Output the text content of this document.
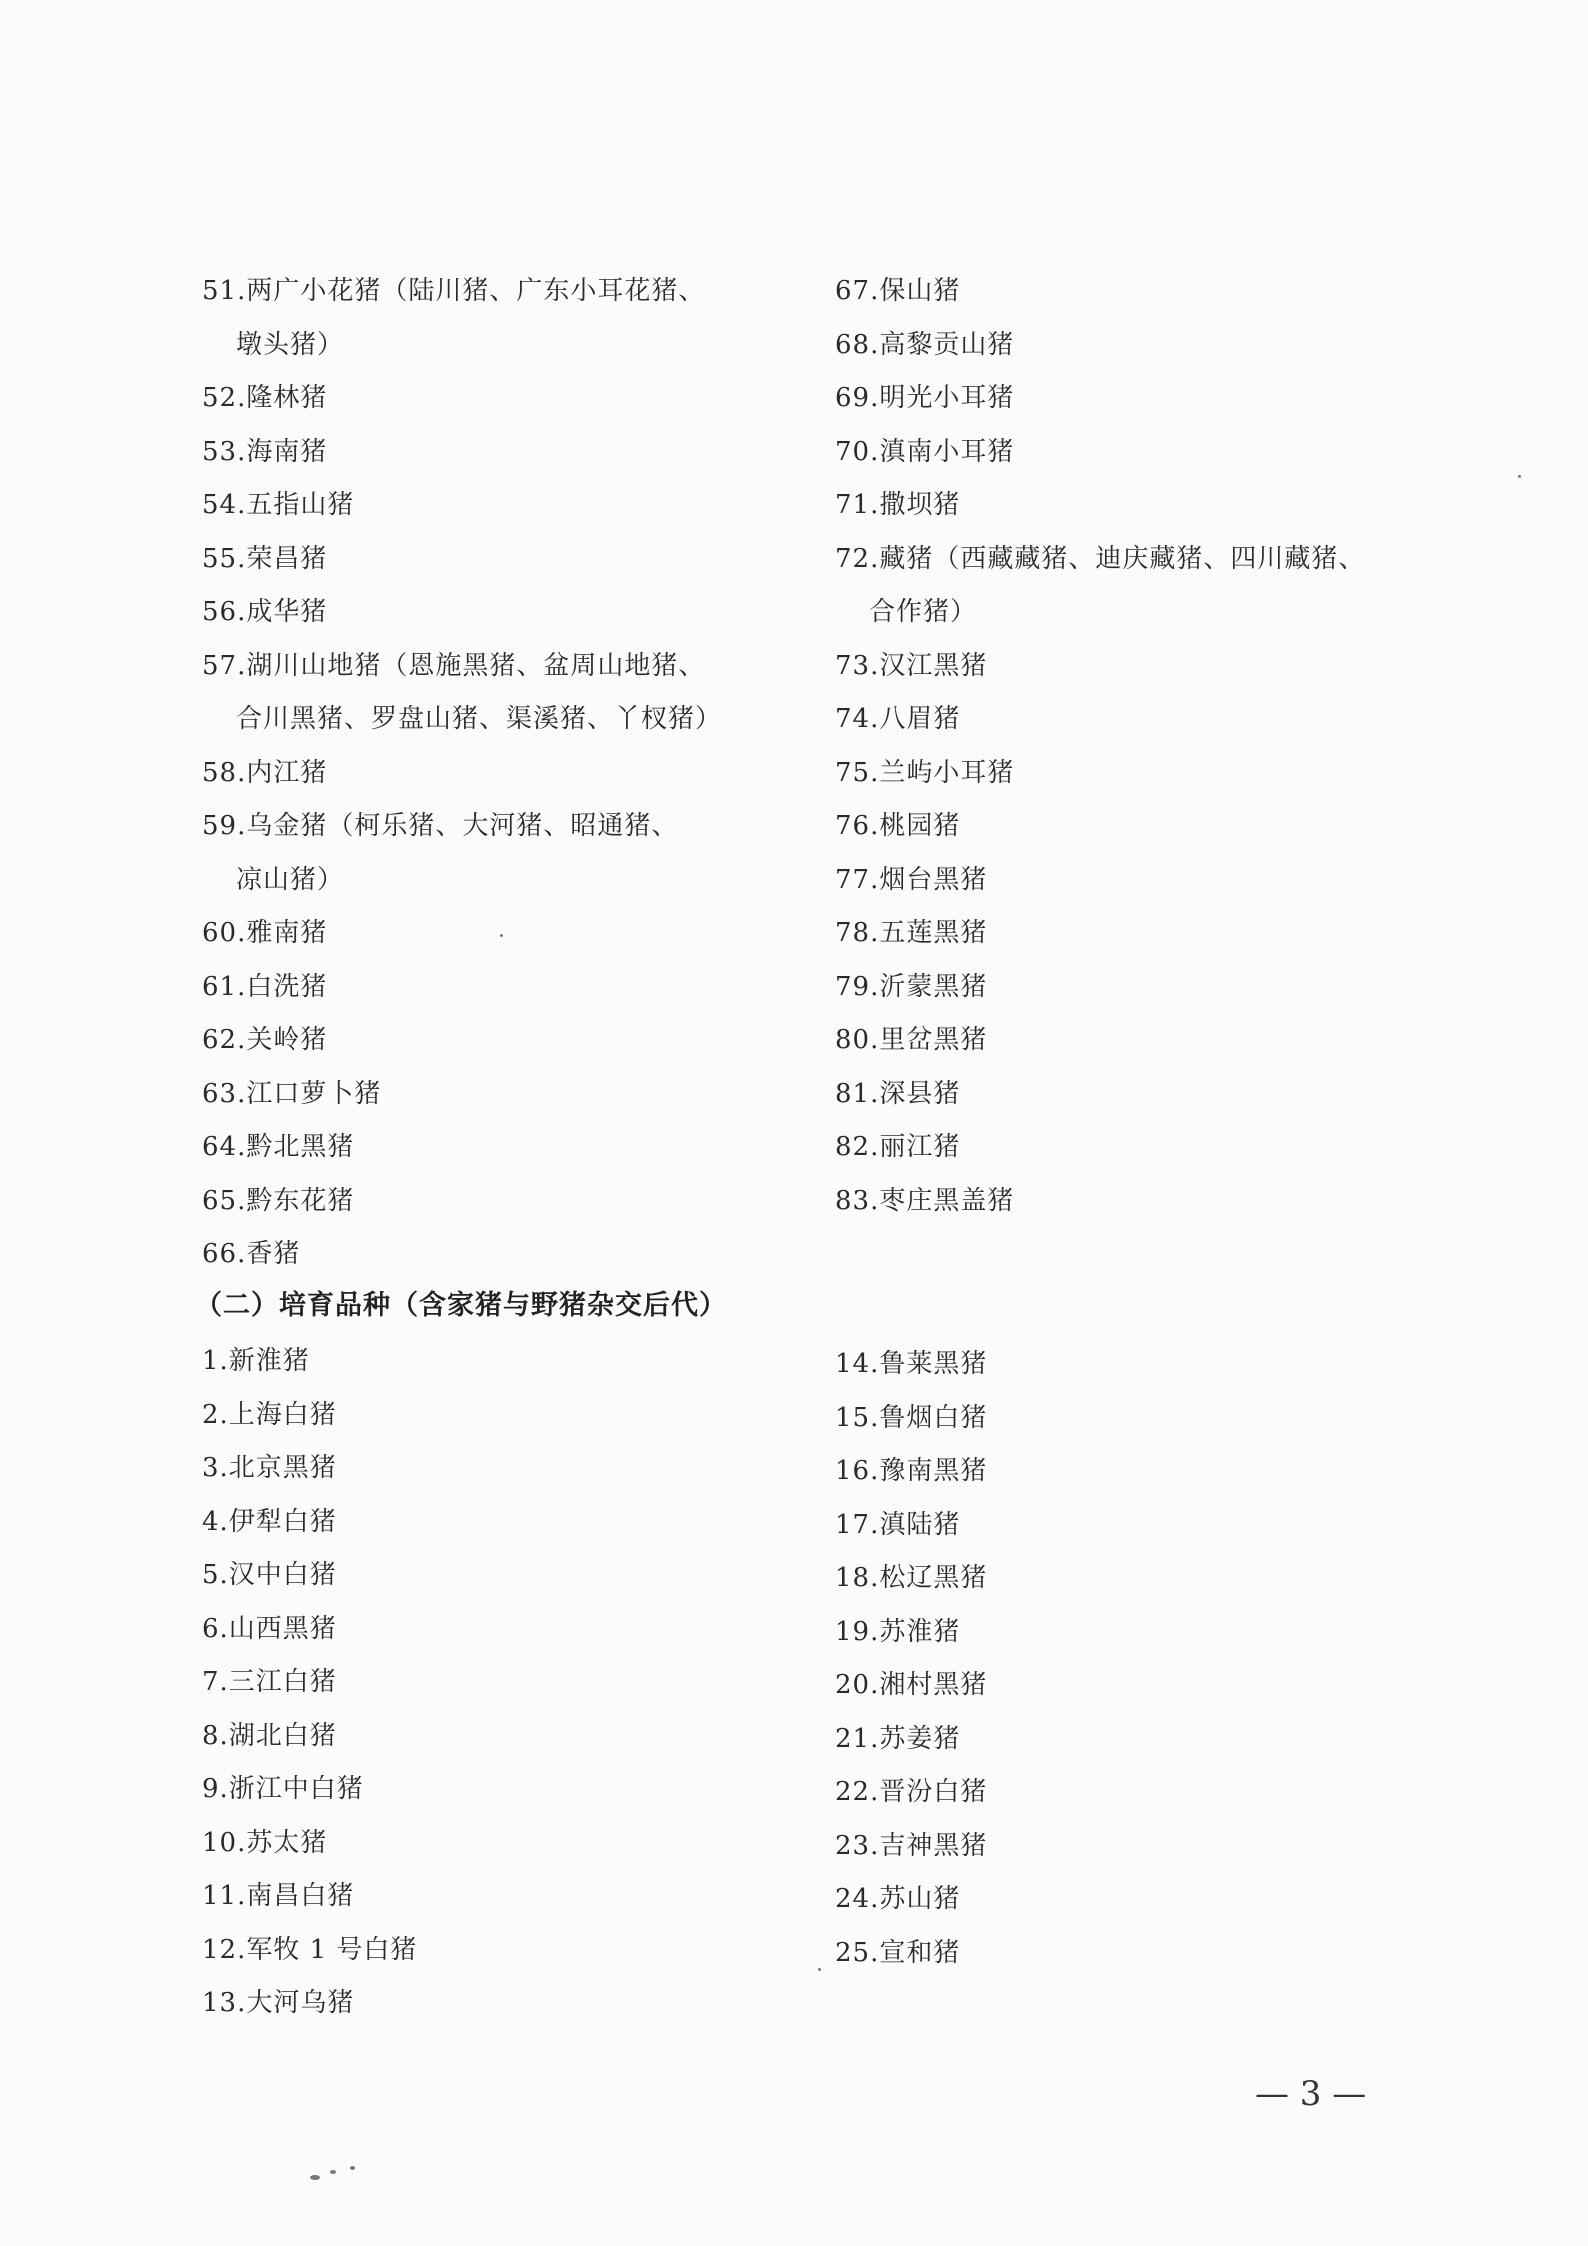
51.两广小花猪（陆川猪、广东小耳花猪、
墩头猪）
52.隆林猪
53.海南猪
54.五指山猪
55.荣昌猪
56.成华猪
57.湖川山地猪（恩施黑猪、盆周山地猪、
合川黑猪、罗盘山猪、渠溪猪、丫杈猪）
58.内江猪
59.乌金猪（柯乐猪、大河猪、昭通猪、
凉山猪）
60.雅南猪
61.白洗猪
62.关岭猪
63.江口萝卜猪
64.黔北黑猪
65.黔东花猪
66.香猪
67.保山猪
68.高黎贡山猪
69.明光小耳猪
70.滇南小耳猪
71.撒坝猪
72.藏猪（西藏藏猪、迪庆藏猪、四川藏猪、
合作猪）
73.汉江黑猪
74.八眉猪
75.兰屿小耳猪
76.桃园猪
77.烟台黑猪
78.五莲黑猪
79.沂蒙黑猪
80.里岔黑猪
81.深县猪
82.丽江猪
83.枣庄黑盖猪
（二）培育品种（含家猪与野猪杂交后代）
1.新淮猪
2.上海白猪
3.北京黑猪
4.伊犁白猪
5.汉中白猪
6.山西黑猪
7.三江白猪
8.湖北白猪
9.浙江中白猪
10.苏太猪
11.南昌白猪
12.军牧 1 号白猪
13.大河乌猪
14.鲁莱黑猪
15.鲁烟白猪
16.豫南黑猪
17.滇陆猪
18.松辽黑猪
19.苏淮猪
20.湘村黑猪
21.苏姜猪
22.晋汾白猪
23.吉神黑猪
24.苏山猪
25.宣和猪
— 3 —
